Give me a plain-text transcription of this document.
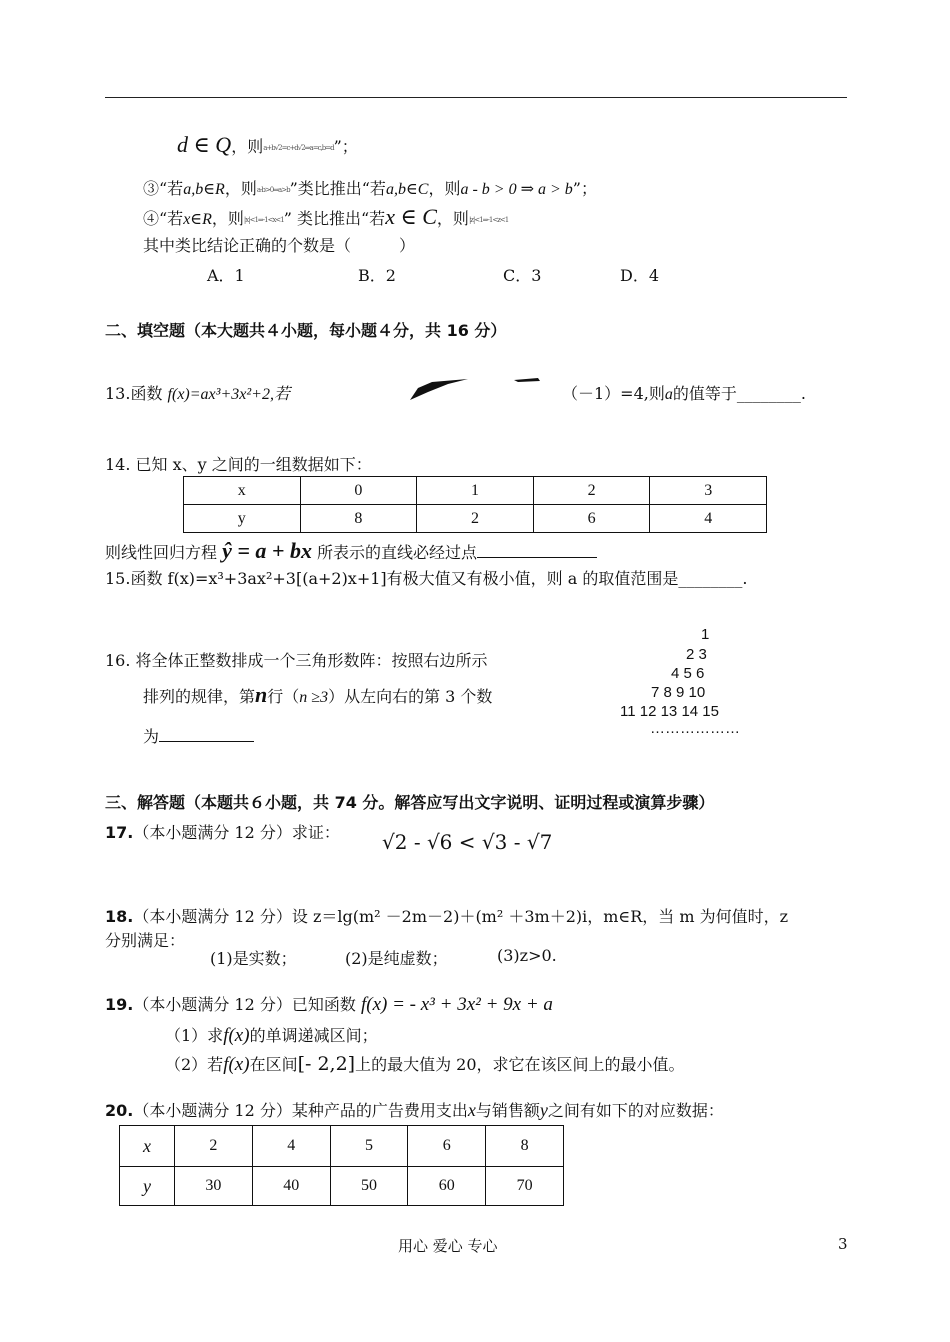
d ∈ Q，则a+b√2=c+d√2⇒a=c,b=d”；
③“若a,b∈R，则a-b>0⇒a>b”类比推出“若a,b∈C，则a - b > 0 ⇒ a > b”；
④“若x∈R，则|x|<1⇒-1<x<1” 类比推出“若x ∈ C，则|z|<1⇒-1<z<1
其中类比结论正确的个数是（　　　）
A．1	B．2	C．3	D．4
二、填空题（本大题共４小题，每小题４分，共 16 分）
13.函数 f(x)=ax³+3x²+2,若	（－1）=4,则a的值等于________.
14. 已知 x、y 之间的一组数据如下：
x	0	1	2	3
y	8	2	6	4
则线性回归方程 ŷ = a + bx 所表示的直线必经过点
15.函数 f(x)=x³+3ax²+3[(a+2)x+1]有极大值又有极小值，则 a 的取值范围是________.
16. 将全体正整数排成一个三角形数阵：按照右边所示
排列的规律，第n行（n ≥3）从左向右的第 3 个数
为
1
2 3
4 5 6
7 8 9 10
11 12 13 14 15
………………
三、解答题（本题共６小题，共 74 分。解答应写出文字说明、证明过程或演算步骤）
17.（本小题满分 12 分）求证： √2 - √6 < √3 - √7
18.（本小题满分 12 分）设 z＝lg(m² －2m－2)＋(m² ＋3m＋2)i，m∈R，当 m 为何值时，z
分别满足：
(1)是实数；	(2)是纯虚数；	(3)z>0.
19.（本小题满分 12 分）已知函数 f(x) = - x³ + 3x² + 9x + a
（1）求f(x)的单调递减区间；
（2）若f(x)在区间[- 2,2]上的最大值为 20，求它在该区间上的最小值。
20.（本小题满分 12 分）某种产品的广告费用支出x与销售额y之间有如下的对应数据：
x	2	4	5	6	8
y	30	40	50	60	70
用心 爱心 专心	3
